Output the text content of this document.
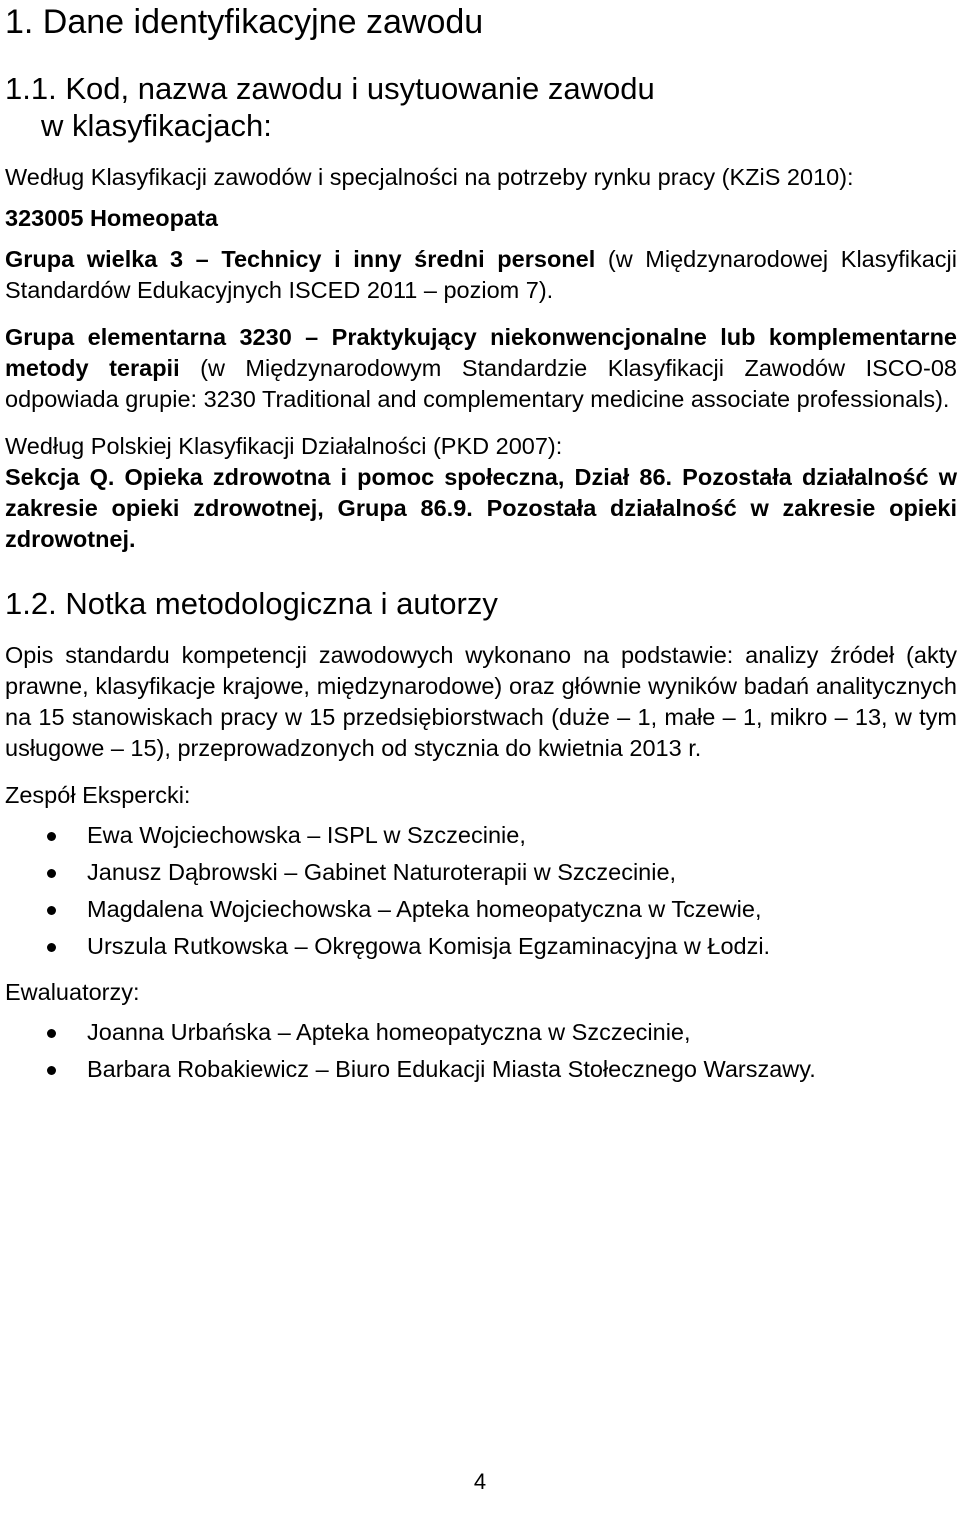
1. Dane identyfikacyjne zawodu
1.1. Kod, nazwa zawodu i usytuowanie zawodu
w klasyfikacjach:

Według Klasyfikacji zawodów i specjalności na potrzeby rynku pracy (KZiS 2010):

323005 Homeopata

Grupa wielka 3 – Technicy i inny średni personel (w Międzynarodowej Klasyfikacji Standardów Edukacyjnych ISCED 2011 – poziom 7).

Grupa elementarna 3230 – Praktykujący niekonwencjonalne lub komplementarne metody terapii (w Międzynarodowym Standardzie Klasyfikacji Zawodów ISCO-08 odpowiada grupie: 3230 Traditional and complementary medicine associate professionals).

Według Polskiej Klasyfikacji Działalności (PKD 2007):

Sekcja Q. Opieka zdrowotna i pomoc społeczna, Dział 86. Pozostała działalność w zakresie opieki zdrowotnej, Grupa 86.9. Pozostała działalność w zakresie opieki zdrowotnej.

1.2. Notka metodologiczna i autorzy

Opis standardu kompetencji zawodowych wykonano na podstawie: analizy źródeł (akty prawne, klasyfikacje krajowe, międzynarodowe) oraz głównie wyników badań analitycznych na 15 stanowiskach pracy w 15 przedsiębiorstwach (duże – 1, małe – 1, mikro – 13, w tym usługowe – 15), przeprowadzonych od stycznia do kwietnia 2013 r.

Zespół Ekspercki:

Ewa Wojciechowska – ISPL w Szczecinie,
Janusz Dąbrowski – Gabinet Naturoterapii w Szczecinie,
Magdalena Wojciechowska – Apteka homeopatyczna w Tczewie,
Urszula Rutkowska – Okręgowa Komisja Egzaminacyjna w Łodzi.

Ewaluatorzy:

Joanna Urbańska – Apteka homeopatyczna w Szczecinie,
Barbara Robakiewicz – Biuro Edukacji Miasta Stołecznego Warszawy.
4
